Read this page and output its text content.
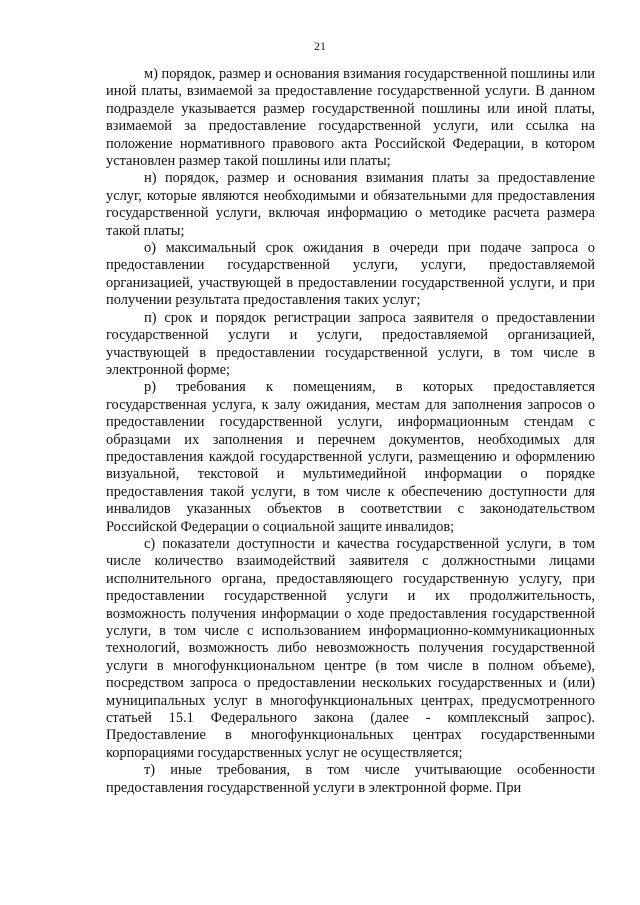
21

м) порядок, размер и основания взимания государственной пошлины или иной платы, взимаемой за предоставление государственной услуги. В данном подразделе указывается размер государственной пошлины или иной платы, взимаемой за предоставление государственной услуги, или ссылка на положение нормативного правового акта Российской Федерации, в котором установлен размер такой пошлины или платы;

н) порядок, размер и основания взимания платы за предоставление услуг, которые являются необходимыми и обязательными для предоставления государственной услуги, включая информацию о методике расчета размера такой платы;

о) максимальный срок ожидания в очереди при подаче запроса о предоставлении государственной услуги, услуги, предоставляемой организацией, участвующей в предоставлении государственной услуги, и при получении результата предоставления таких услуг;

п) срок и порядок регистрации запроса заявителя о предоставлении государственной услуги и услуги, предоставляемой организацией, участвующей в предоставлении государственной услуги, в том числе в электронной форме;

р) требования к помещениям, в которых предоставляется государственная услуга, к залу ожидания, местам для заполнения запросов о предоставлении государственной услуги, информационным стендам с образцами их заполнения и перечнем документов, необходимых для предоставления каждой государственной услуги, размещению и оформлению визуальной, текстовой и мультимедийной информации о порядке предоставления такой услуги, в том числе к обеспечению доступности для инвалидов указанных объектов в соответствии с законодательством Российской Федерации о социальной защите инвалидов;

с) показатели доступности и качества государственной услуги, в том числе количество взаимодействий заявителя с должностными лицами исполнительного органа, предоставляющего государственную услугу, при предоставлении государственной услуги и их продолжительность, возможность получения информации о ходе предоставления государственной услуги, в том числе с использованием информационно-коммуникационных технологий, возможность либо невозможность получения государственной услуги в многофункциональном центре (в том числе в полном объеме), посредством запроса о предоставлении нескольких государственных и (или) муниципальных услуг в многофункциональных центрах, предусмотренного статьей 15.1 Федерального закона (далее - комплексный запрос). Предоставление в многофункциональных центрах государственными корпорациями государственных услуг не осуществляется;

т) иные требования, в том числе учитывающие особенности предоставления государственной услуги в электронной форме. При
